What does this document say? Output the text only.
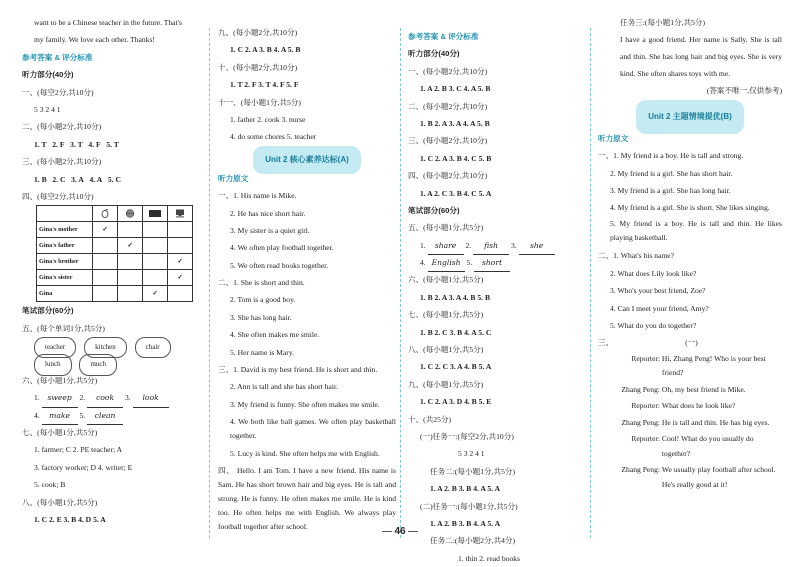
want to be a Chinese teacher in the future. That's
my family. We love each other. Thanks!
参考答案 & 评分标准
听力部分(40分)
一、(每空2分,共10分)
5 3 2 4 1
二、(每小题2分,共10分)
1. T 2. F 3. T 4. F 5. T
三、(每小题2分,共10分)
1. B 2. C 3. A 4. A 5. C
四、(每空2分,共10分)

Gina's mother	✓			
Gina's father		✓		
Gina's brother				✓
Gina's sister				✓
Gina			✓	
笔试部分(60分)
五、(每个单词1分,共5分)
teacher	kitchen	chair
lunch	much
六、(每小题1分,共5分)
1. sweep 2. cook 3. look
4. make 5. clean
七、(每小题1分,共5分)
1. farmer; C 2. PE teacher; A
3. factory worker; D 4. writer; E
5. cook; B
八、(每小题1分,共5分)
1. C 2. E 3. B 4. D 5. A
九、(每小题2分,共10分)
1. C 2. A 3. B 4. A 5. B
十、(每小题2分,共10分)
1. T 2. F 3. T 4. F 5. F
十一、(每小题1分,共5分)
1. father 2. cook 3. nurse
4. do some chores 5. teacher
Unit 2 核心素养达标(A)
听力原文
一、1. His name is Mike.
2. He has nice short hair.
3. My sister is a quiet girl.
4. We often play football together.
5. We often read books together.
二、1. She is short and thin.
2. Tom is a good boy.
3. She has long hair.
4. She often makes me smile.
5. Her name is Mary.
三、1. David is my best friend. He is short and thin.
2. Ann is tall and she has short hair.
3. My friend is funny. She often makes me smile.
4. We both like ball games. We often play basketball together.
5. Lucy is kind. She often helps me with English.
四、 Hello. I am Tom. I have a new friend. His name is Sam. He has short brown hair and big eyes. He is tall and strong. He is funny. He often makes me smile. He is kind too. He often helps me with English. We always play football together after school.
参考答案 & 评分标准
听力部分(40分)
一、(每小题2分,共10分)
1. A 2. B 3. C 4. A 5. B
二、(每小题2分,共10分)
1. B 2. A 3. A 4. A 5. B
三、(每小题2分,共10分)
1. C 2. A 3. B 4. C 5. B
四、(每小题2分,共10分)
1. A 2. C 3. B 4. C 5. A
笔试部分(60分)
五、(每小题1分,共5分)
1. share 2. fish 3. she
4. English 5. short
六、(每小题1分,共5分)
1. B 2. A 3. A 4. B 5. B
七、(每小题1分,共5分)
1. B 2. C 3. B 4. A 5. C
八、(每小题1分,共5分)
1. C 2. C 3. A 4. B 5. A
九、(每小题1分,共5分)
1. C 2. A 3. D 4. B 5. E
十、(共25分)
(一)任务一:(每空2分,共10分)
5 3 2 4 1
任务二:(每小题1分,共5分)
1. A 2. B 3. B 4. A 5. A
(二)任务一:(每小题1分,共5分)
1. A 2. B 3. B 4. A 5. A
任务二:(每小题2分,共4分)
1. thin 2. read books
任务三:(每小题1分,共5分)
I have a good friend. Her name is Sally. She is tall and thin. She has long hair and big eyes. She is very kind. She often shares toys with me.
(答案不唯一,仅供参考)
Unit 2 主题情境提优(B)
听力原文
一、1. My friend is a boy. He is tall and strong.
2. My friend is a girl. She has short hair.
3. My friend is a girl. She has long hair.
4. My friend is a girl. She is short. She likes singing.
5. My friend is a boy. He is tall and thin. He likes playing basketball.
二、1. What's his name?
2. What does Lily look like?
3. Who's your best friend, Zoe?
4. Can I meet your friend, Amy?
5. What do you do together?
三、	(一)
Reporter: Hi, Zhang Peng! Who is your best friend?
Zhang Peng: Oh, my best friend is Mike.
Reporter: What does he look like?
Zhang Peng: He is tall and thin. He has big eyes.
Reporter: Cool! What do you usually do together?
Zhang Peng: We usually play football after school. He's really good at it!
46
